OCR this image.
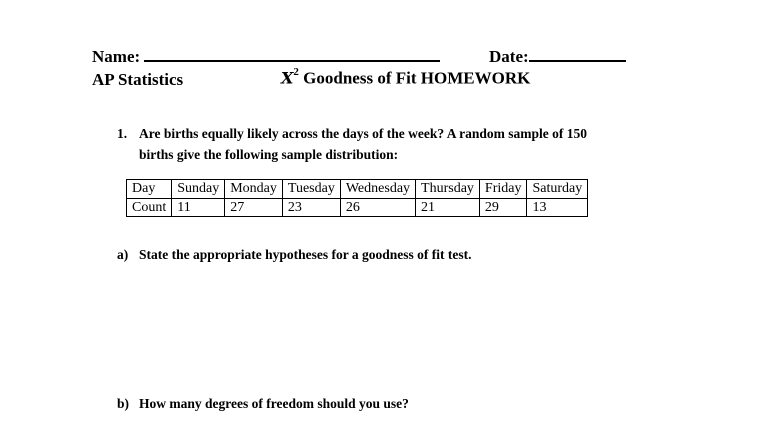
Name:	Date:
AP Statistics	$X^2$ Goodness of Fit HOMEWORK
1. Are births equally likely across the days of the week? A random sample of 150
births give the following sample distribution:
Day	Sunday	Monday	Tuesday	Wednesday	Thursday	Friday	Saturday
Count	11	27	23	26	21	29	13
a) State the appropriate hypotheses for a goodness of fit test.
b) How many degrees of freedom should you use?
